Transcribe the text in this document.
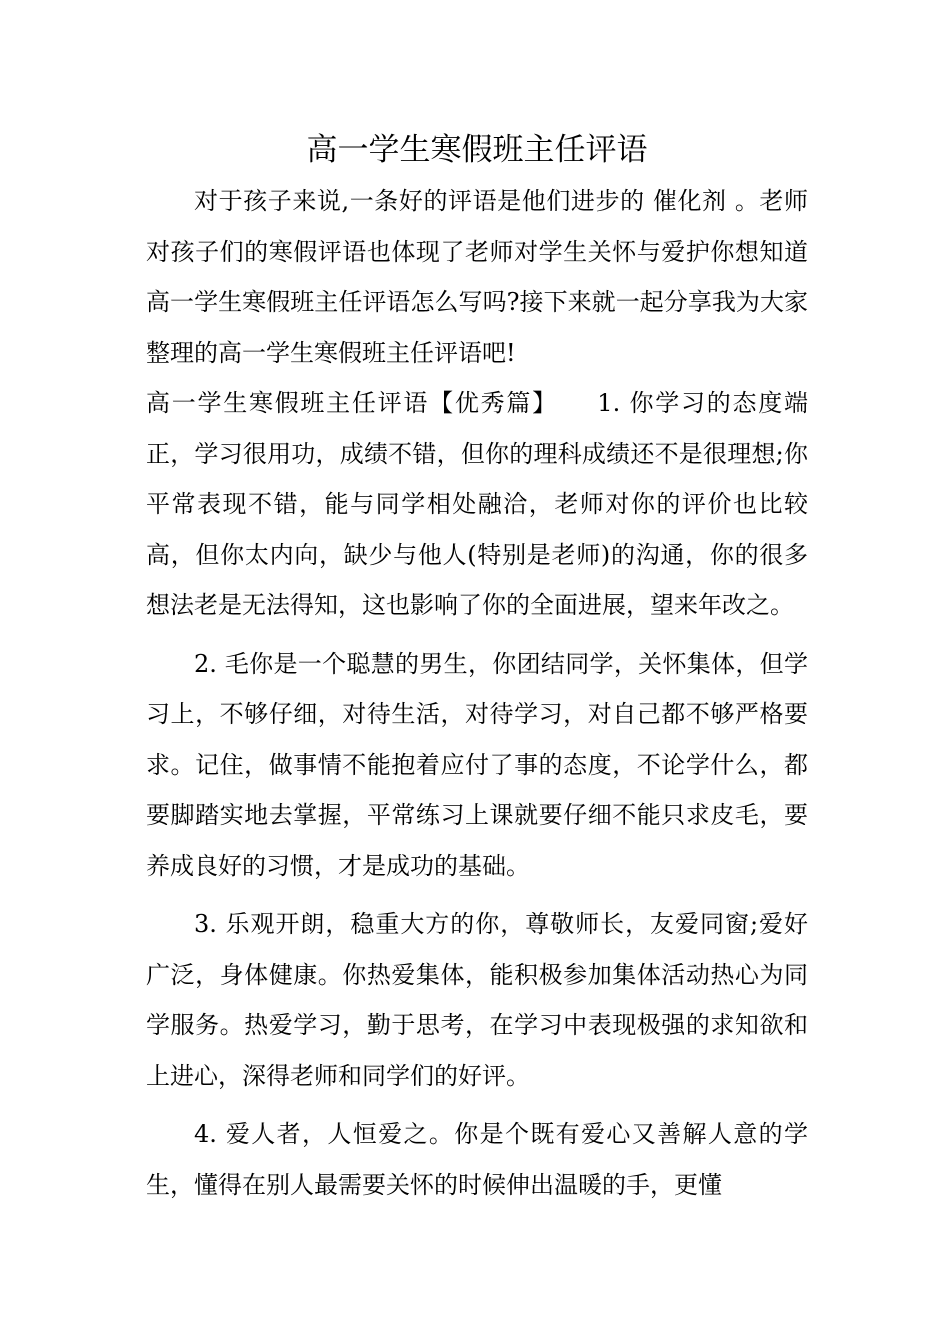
高一学生寒假班主任评语

对于孩子来说,一条好的评语是他们进步的 催化剂 。老师对孩子们的寒假评语也体现了老师对学生关怀与爱护你想知道高一学生寒假班主任评语怎么写吗?接下来就一起分享我为大家整理的高一学生寒假班主任评语吧!

高一学生寒假班主任评语【优秀篇】　　1. 你学习的态度端正，学习很用功，成绩不错，但你的理科成绩还不是很理想;你平常表现不错，能与同学相处融洽，老师对你的评价也比较高，但你太内向，缺少与他人(特别是老师)的沟通，你的很多想法老是无法得知，这也影响了你的全面进展，望来年改之。

2. 毛你是一个聪慧的男生，你团结同学，关怀集体，但学习上，不够仔细，对待生活，对待学习，对自己都不够严格要求。记住，做事情不能抱着应付了事的态度，不论学什么，都要脚踏实地去掌握，平常练习上课就要仔细不能只求皮毛，要养成良好的习惯，才是成功的基础。

3. 乐观开朗，稳重大方的你，尊敬师长，友爱同窗;爱好广泛，身体健康。你热爱集体，能积极参加集体活动热心为同学服务。热爱学习，勤于思考，在学习中表现极强的求知欲和上进心，深得老师和同学们的好评。

4. 爱人者，人恒爱之。你是个既有爱心又善解人意的学生，懂得在别人最需要关怀的时候伸出温暖的手，更懂
